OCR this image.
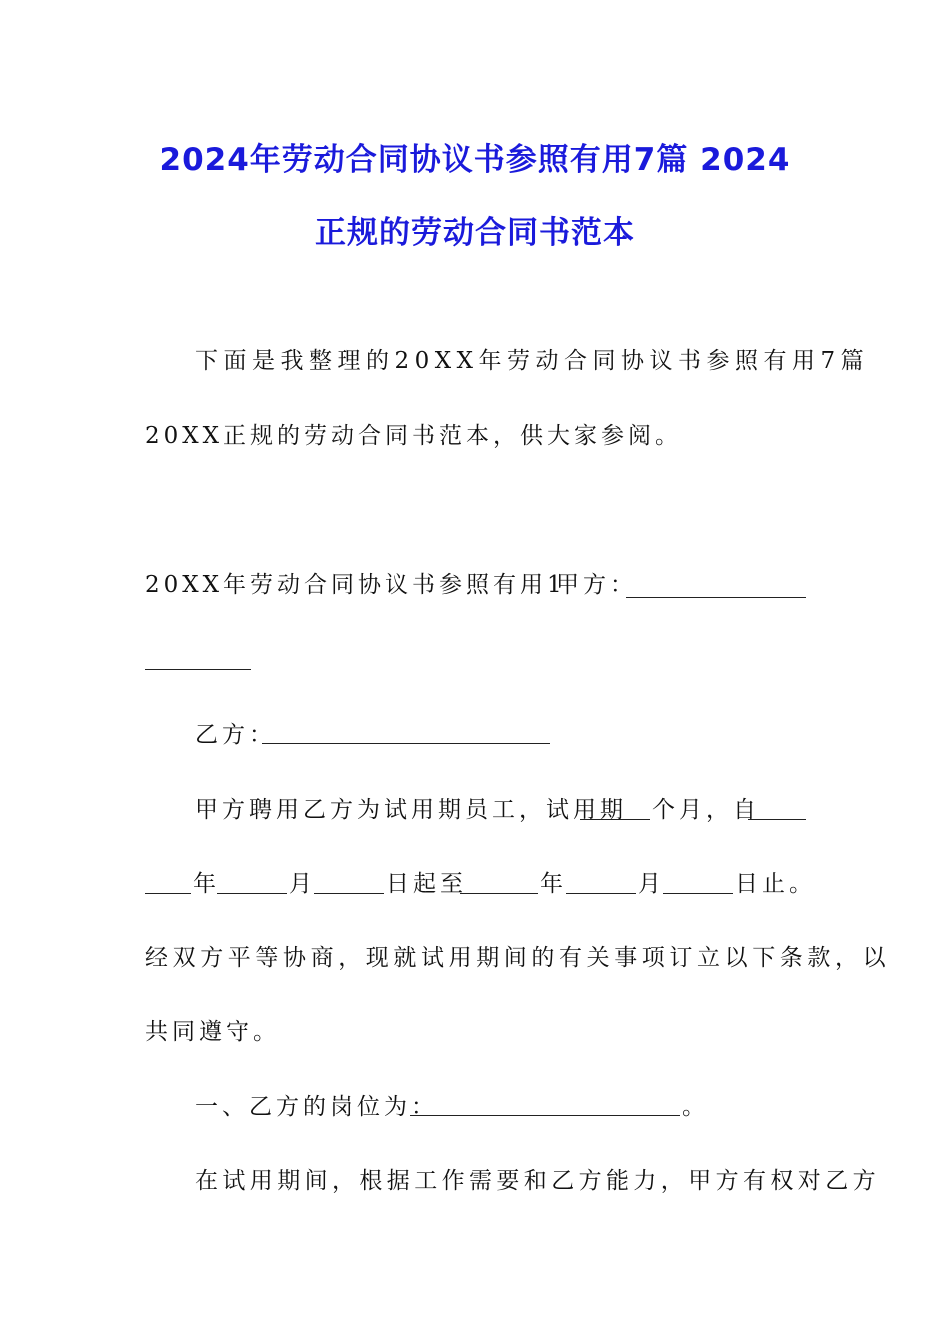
2024年劳动合同协议书参照有用7篇 2024
正规的劳动合同书范本
下面是我整理的20XX年劳动合同协议书参照有用7篇
20XX正规的劳动合同书范本，供大家参阅。
20XX年劳动合同协议书参照有用1
甲方：
乙方：
甲方聘用乙方为试用期员工，试用期 个月，自
年	月	日起至	年	月	日止。
经双方平等协商，现就试用期间的有关事项订立以下条款，以
共同遵守。
一、乙方的岗位为：	。
在试用期间，根据工作需要和乙方能力，甲方有权对乙方
